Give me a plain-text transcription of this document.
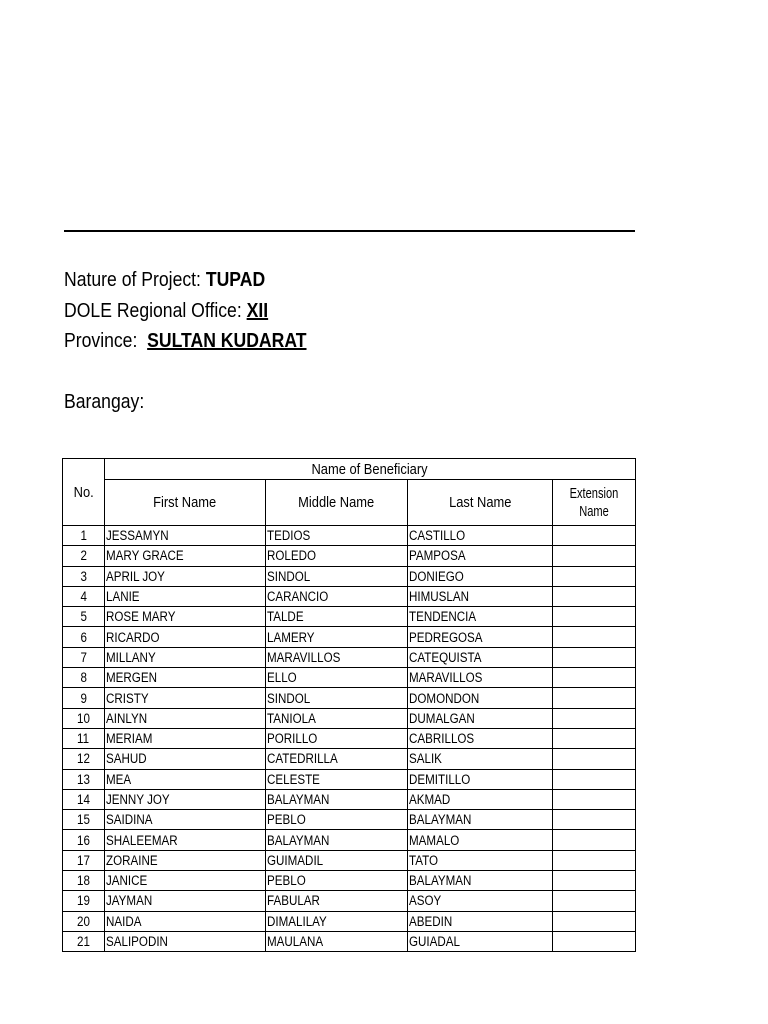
Nature of Project: TUPAD
DOLE Regional Office: XII
Province:  SULTAN KUDARAT
Barangay:
No.	Name of Beneficiary			
	First Name	Middle Name	Last Name	Extension
Name
1	JESSAMYN	TEDIOS	CASTILLO	
2	MARY GRACE	ROLEDO	PAMPOSA	
3	APRIL JOY	SINDOL	DONIEGO	
4	LANIE	CARANCIO	HIMUSLAN	
5	ROSE MARY	TALDE	TENDENCIA	
6	RICARDO	LAMERY	PEDREGOSA	
7	MILLANY	MARAVILLOS	CATEQUISTA	
8	MERGEN	ELLO	MARAVILLOS	
9	CRISTY	SINDOL	DOMONDON	
10	AINLYN	TANIOLA	DUMALGAN	
11	MERIAM	PORILLO	CABRILLOS	
12	SAHUD	CATEDRILLA	SALIK	
13	MEA	CELESTE	DEMITILLO	
14	JENNY JOY	BALAYMAN	AKMAD	
15	SAIDINA	PEBLO	BALAYMAN	
16	SHALEEMAR	BALAYMAN	MAMALO	
17	ZORAINE	GUIMADIL	TATO	
18	JANICE	PEBLO	BALAYMAN	
19	JAYMAN	FABULAR	ASOY	
20	NAIDA	DIMALILAY	ABEDIN	
21	SALIPODIN	MAULANA	GUIADAL	
